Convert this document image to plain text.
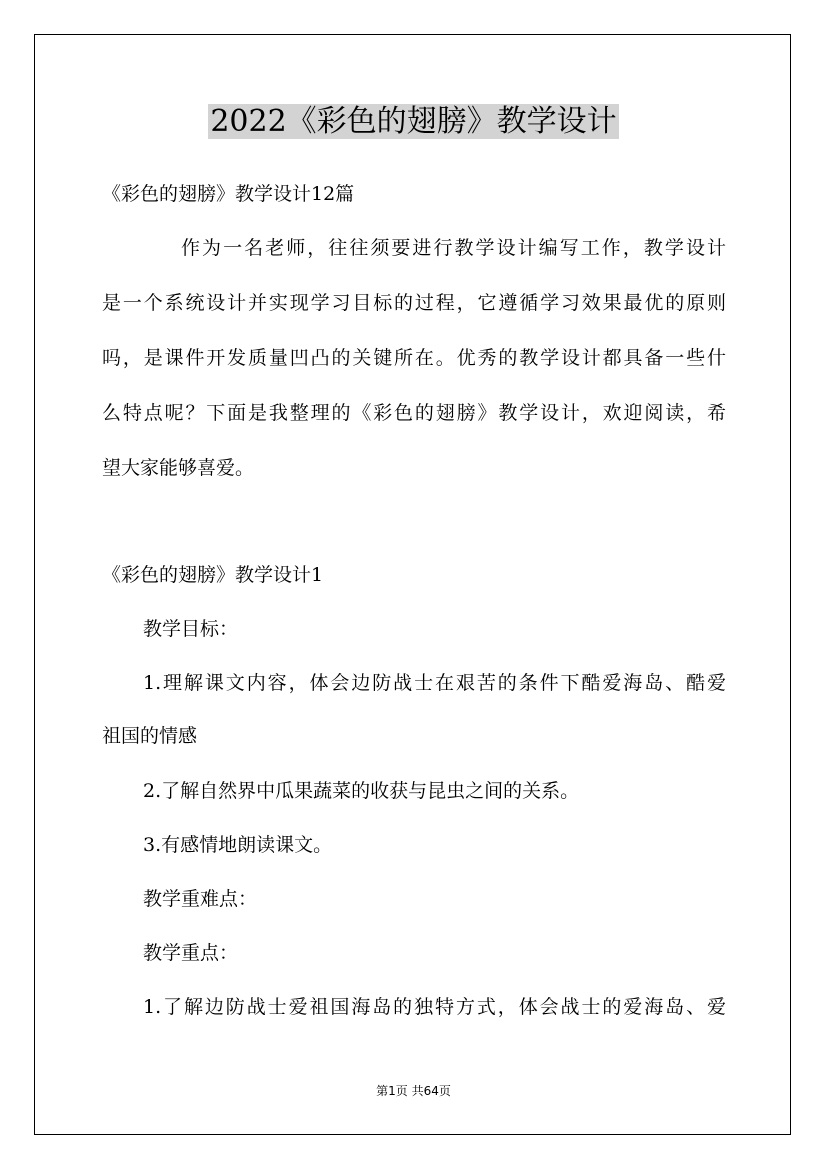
2022《彩色的翅膀》教学设计
《彩色的翅膀》教学设计12篇
作为一名老师，往往须要进行教学设计编写工作，教学设计
是一个系统设计并实现学习目标的过程，它遵循学习效果最优的原则
吗，是课件开发质量凹凸的关键所在。优秀的教学设计都具备一些什
么特点呢？下面是我整理的《彩色的翅膀》教学设计，欢迎阅读，希
望大家能够喜爱。
《彩色的翅膀》教学设计1
教学目标：
1.理解课文内容，体会边防战士在艰苦的条件下酷爱海岛、酷爱
祖国的情感
2.了解自然界中瓜果蔬菜的收获与昆虫之间的关系。
3.有感情地朗读课文。
教学重难点：
教学重点：
1.了解边防战士爱祖国海岛的独特方式，体会战士的爱海岛、爱
第1页 共64页
